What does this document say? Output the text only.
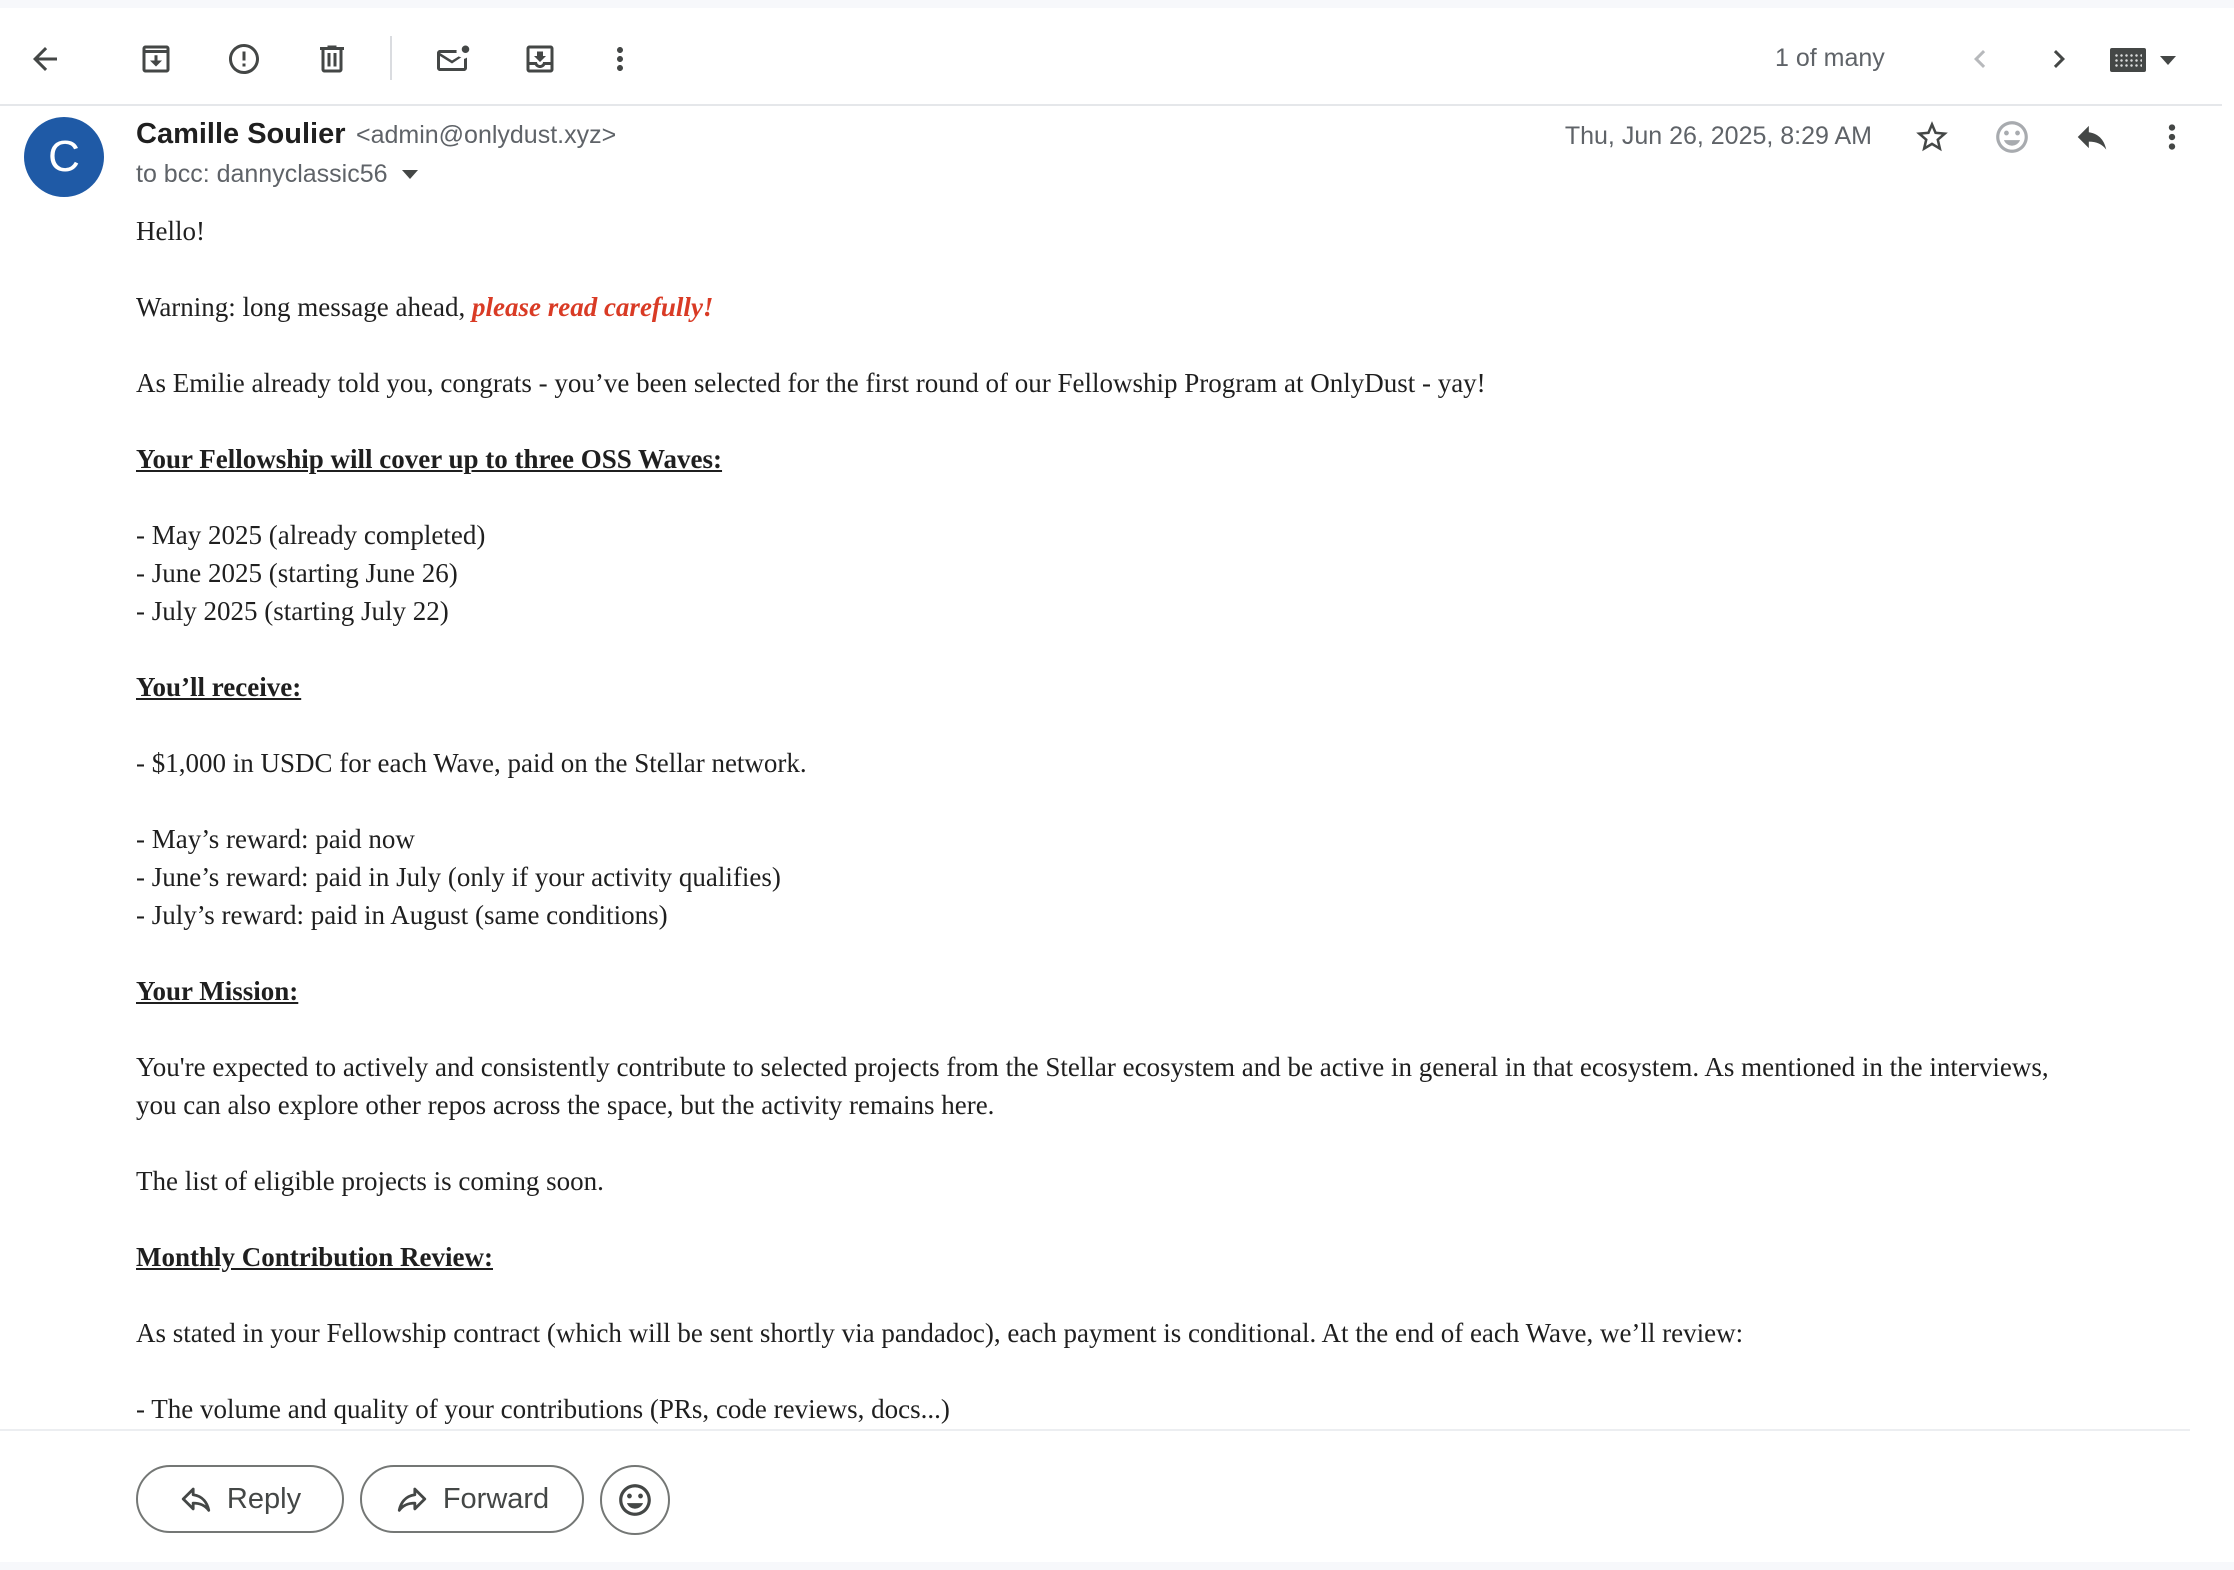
1 of many
C	Camille Soulier <admin@onlydust.xyz>
to bcc: dannyclassic56
Thu, Jun 26, 2025, 8:29 AM

Hello!

Warning: long message ahead, please read carefully!

As Emilie already told you, congrats - you’ve been selected for the first round of our Fellowship Program at OnlyDust - yay!

Your Fellowship will cover up to three OSS Waves:

- May 2025 (already completed)

- June 2025 (starting June 26)

- July 2025 (starting July 22)

You’ll receive:

- $1,000 in USDC for each Wave, paid on the Stellar network.

- May’s reward: paid now

- June’s reward: paid in July (only if your activity qualifies)

- July’s reward: paid in August (same conditions)

Your Mission:

You're expected to actively and consistently contribute to selected projects from the Stellar ecosystem and be active in general in that ecosystem. As mentioned in the interviews,

you can also explore other repos across the space, but the activity remains here.

The list of eligible projects is coming soon.

Monthly Contribution Review:

As stated in your Fellowship contract (which will be sent shortly via pandadoc), each payment is conditional. At the end of each Wave, we’ll review:

- The volume and quality of your contributions (PRs, code reviews, docs...)

Reply	Forward
